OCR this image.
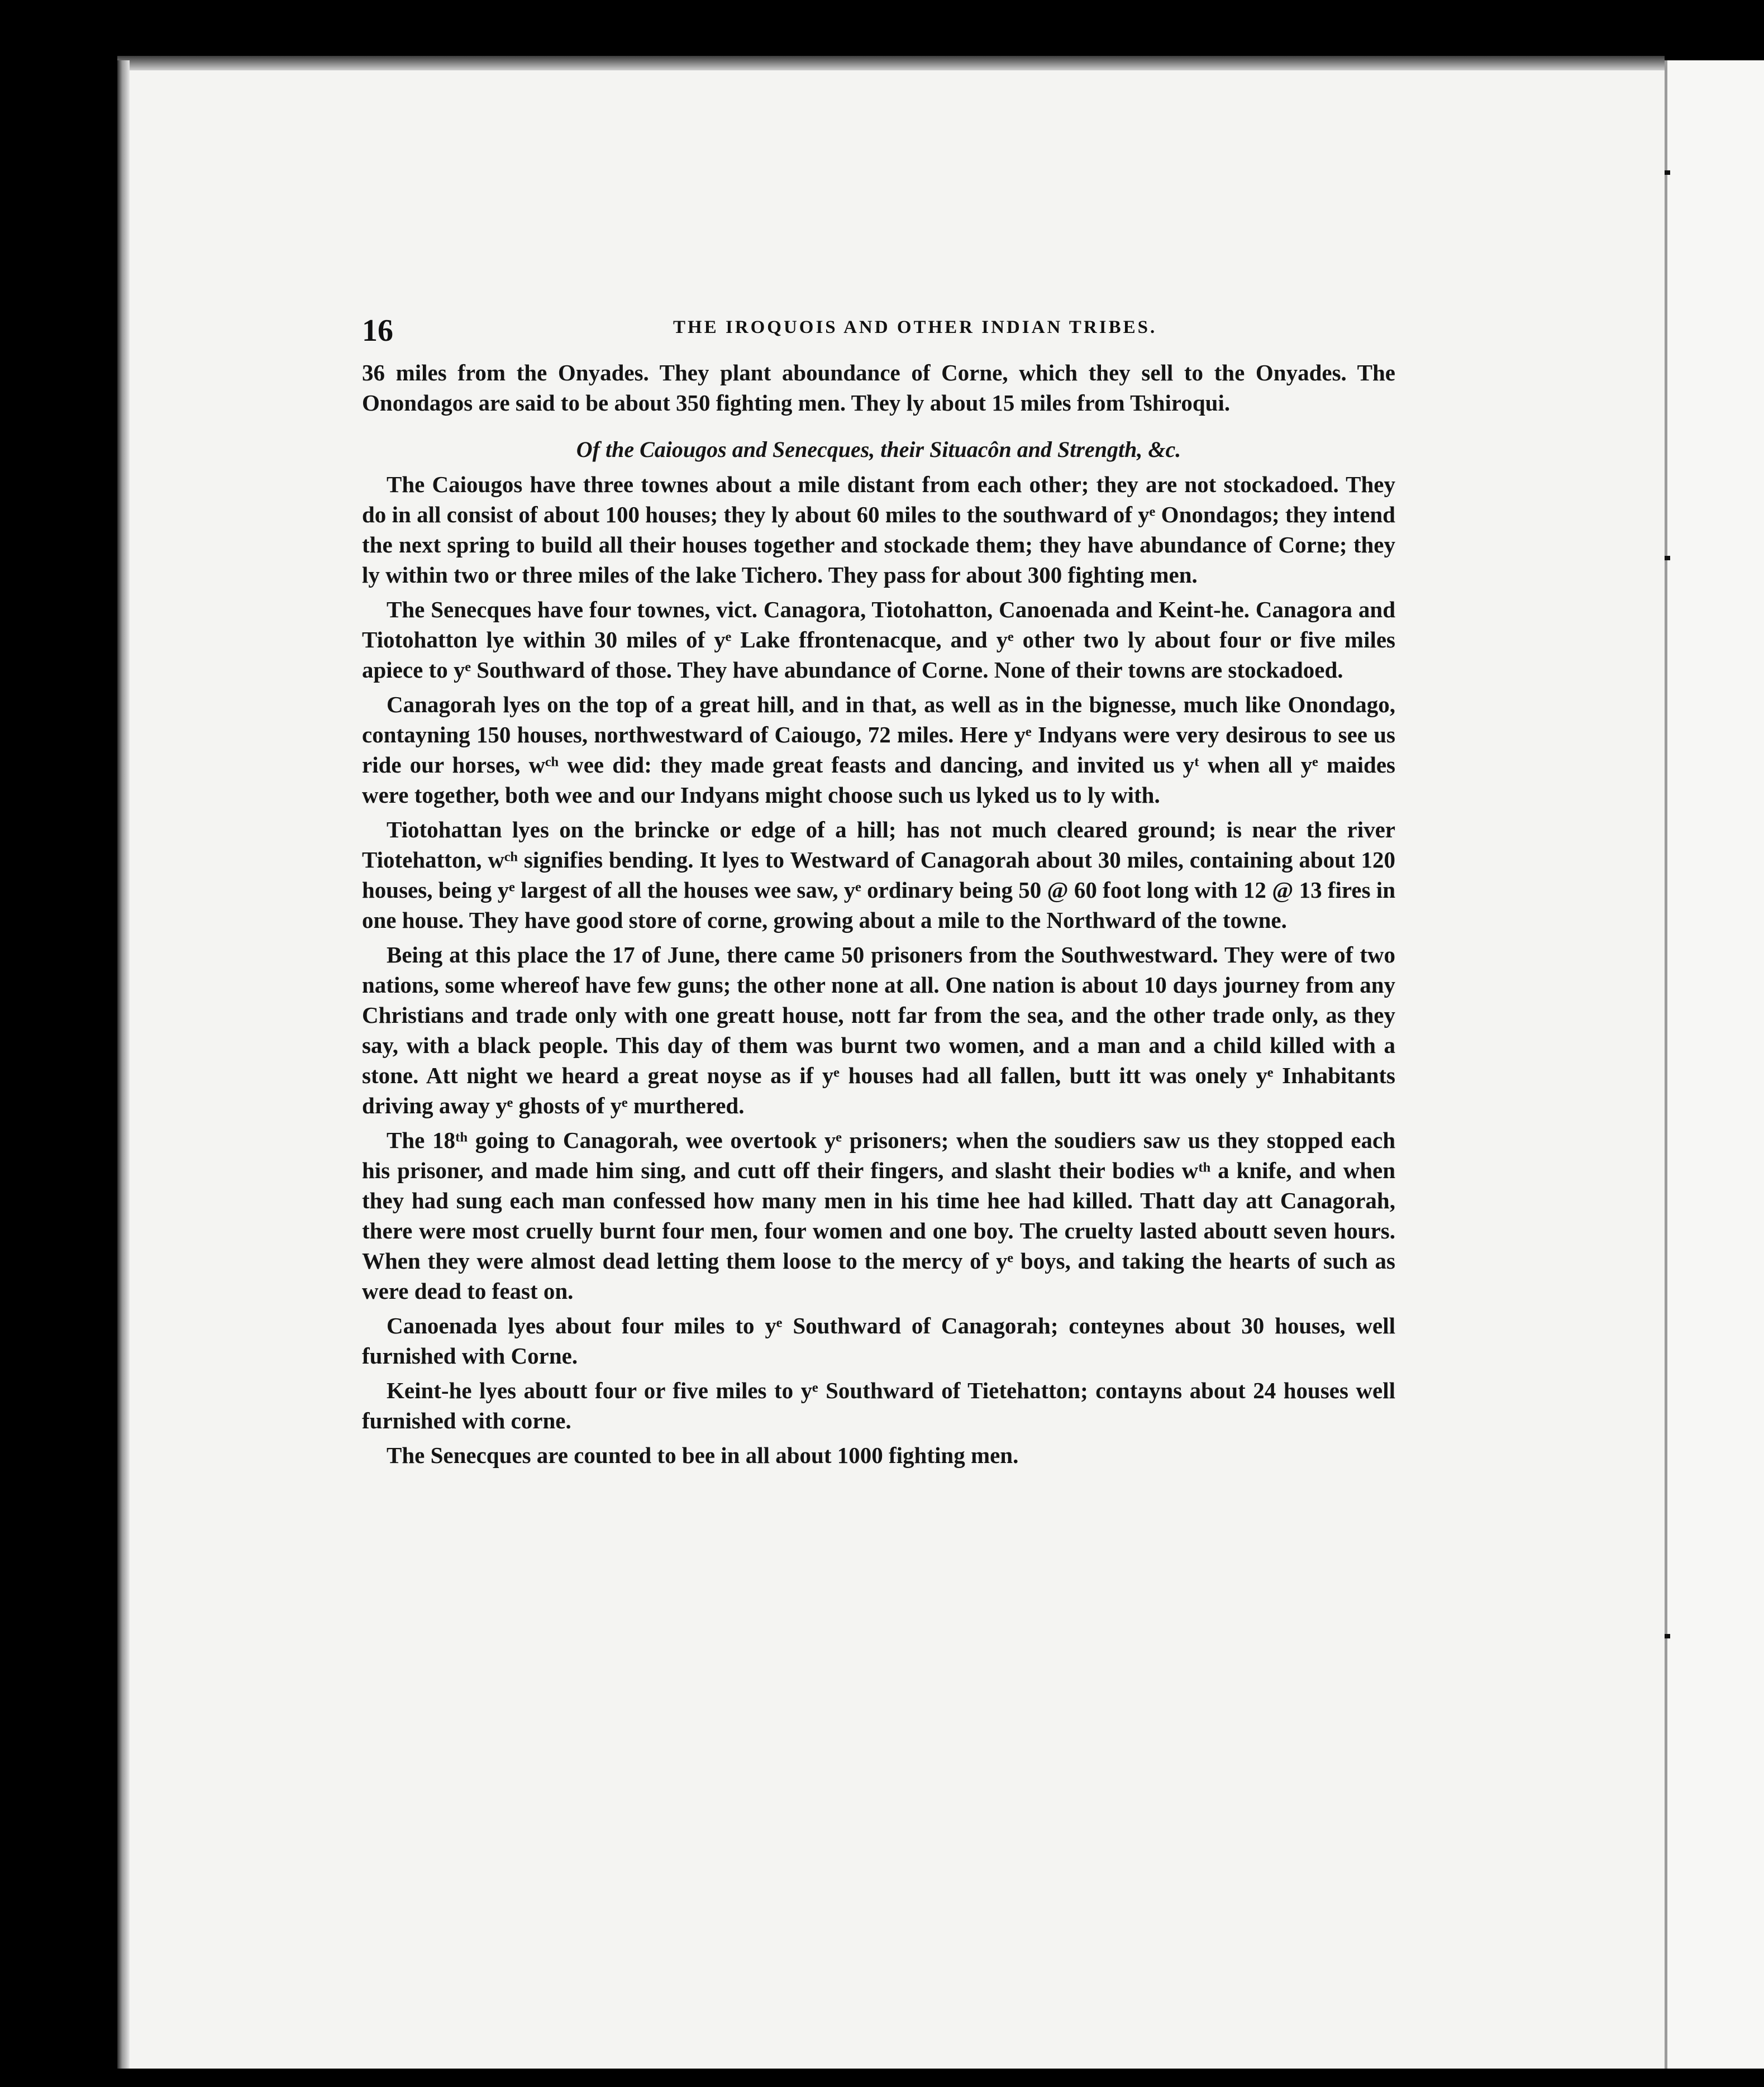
16	THE IROQUOIS AND OTHER INDIAN TRIBES.

36 miles from the Onyades. They plant aboundance of Corne, which they sell to the Onyades. The Onondagos are said to be about 350 fighting men. They ly about 15 miles from Tshiroqui.

Of the Caiougos and Senecques, their Situacôn and Strength, &c.

The Caiougos have three townes about a mile distant from each other; they are not stockadoed. They do in all consist of about 100 houses; they ly about 60 miles to the southward of yᵉ Onondagos; they intend the next spring to build all their houses together and stockade them; they have abundance of Corne; they ly within two or three miles of the lake Tichero. They pass for about 300 fighting men.

The Senecques have four townes, vict. Canagora, Tiotohatton, Canoenada and Keint-he. Canagora and Tiotohatton lye within 30 miles of yᵉ Lake ffrontenacque, and yᵉ other two ly about four or five miles apiece to yᵉ Southward of those. They have abundance of Corne. None of their towns are stockadoed.

Canagorah lyes on the top of a great hill, and in that, as well as in the bignesse, much like Onondago, contayning 150 houses, northwestward of Caiougo, 72 miles. Here yᵉ Indyans were very desirous to see us ride our horses, wᶜʰ wee did: they made great feasts and dancing, and invited us yᵗ when all yᵉ maides were together, both wee and our Indyans might choose such us lyked us to ly with.

Tiotohattan lyes on the brincke or edge of a hill; has not much cleared ground; is near the river Tiotehatton, wᶜʰ signifies bending. It lyes to Westward of Canagorah about 30 miles, containing about 120 houses, being yᵉ largest of all the houses wee saw, yᵉ ordinary being 50 @ 60 foot long with 12 @ 13 fires in one house. They have good store of corne, growing about a mile to the Northward of the towne.

Being at this place the 17 of June, there came 50 prisoners from the Southwestward. They were of two nations, some whereof have few guns; the other none at all. One nation is about 10 days journey from any Christians and trade only with one greatt house, nott far from the sea, and the other trade only, as they say, with a black people. This day of them was burnt two women, and a man and a child killed with a stone. Att night we heard a great noyse as if yᵉ houses had all fallen, butt itt was onely yᵉ Inhabitants driving away yᵉ ghosts of yᵉ murthered.

The 18ᵗʰ going to Canagorah, wee overtook yᵉ prisoners; when the soudiers saw us they stopped each his prisoner, and made him sing, and cutt off their fingers, and slasht their bodies wᵗʰ a knife, and when they had sung each man confessed how many men in his time hee had killed. Thatt day att Canagorah, there were most cruelly burnt four men, four women and one boy. The cruelty lasted aboutt seven hours. When they were almost dead letting them loose to the mercy of yᵉ boys, and taking the hearts of such as were dead to feast on.

Canoenada lyes about four miles to yᵉ Southward of Canagorah; conteynes about 30 houses, well furnished with Corne.

Keint-he lyes aboutt four or five miles to yᵉ Southward of Tietehatton; contayns about 24 houses well furnished with corne.

The Senecques are counted to bee in all about 1000 fighting men.
